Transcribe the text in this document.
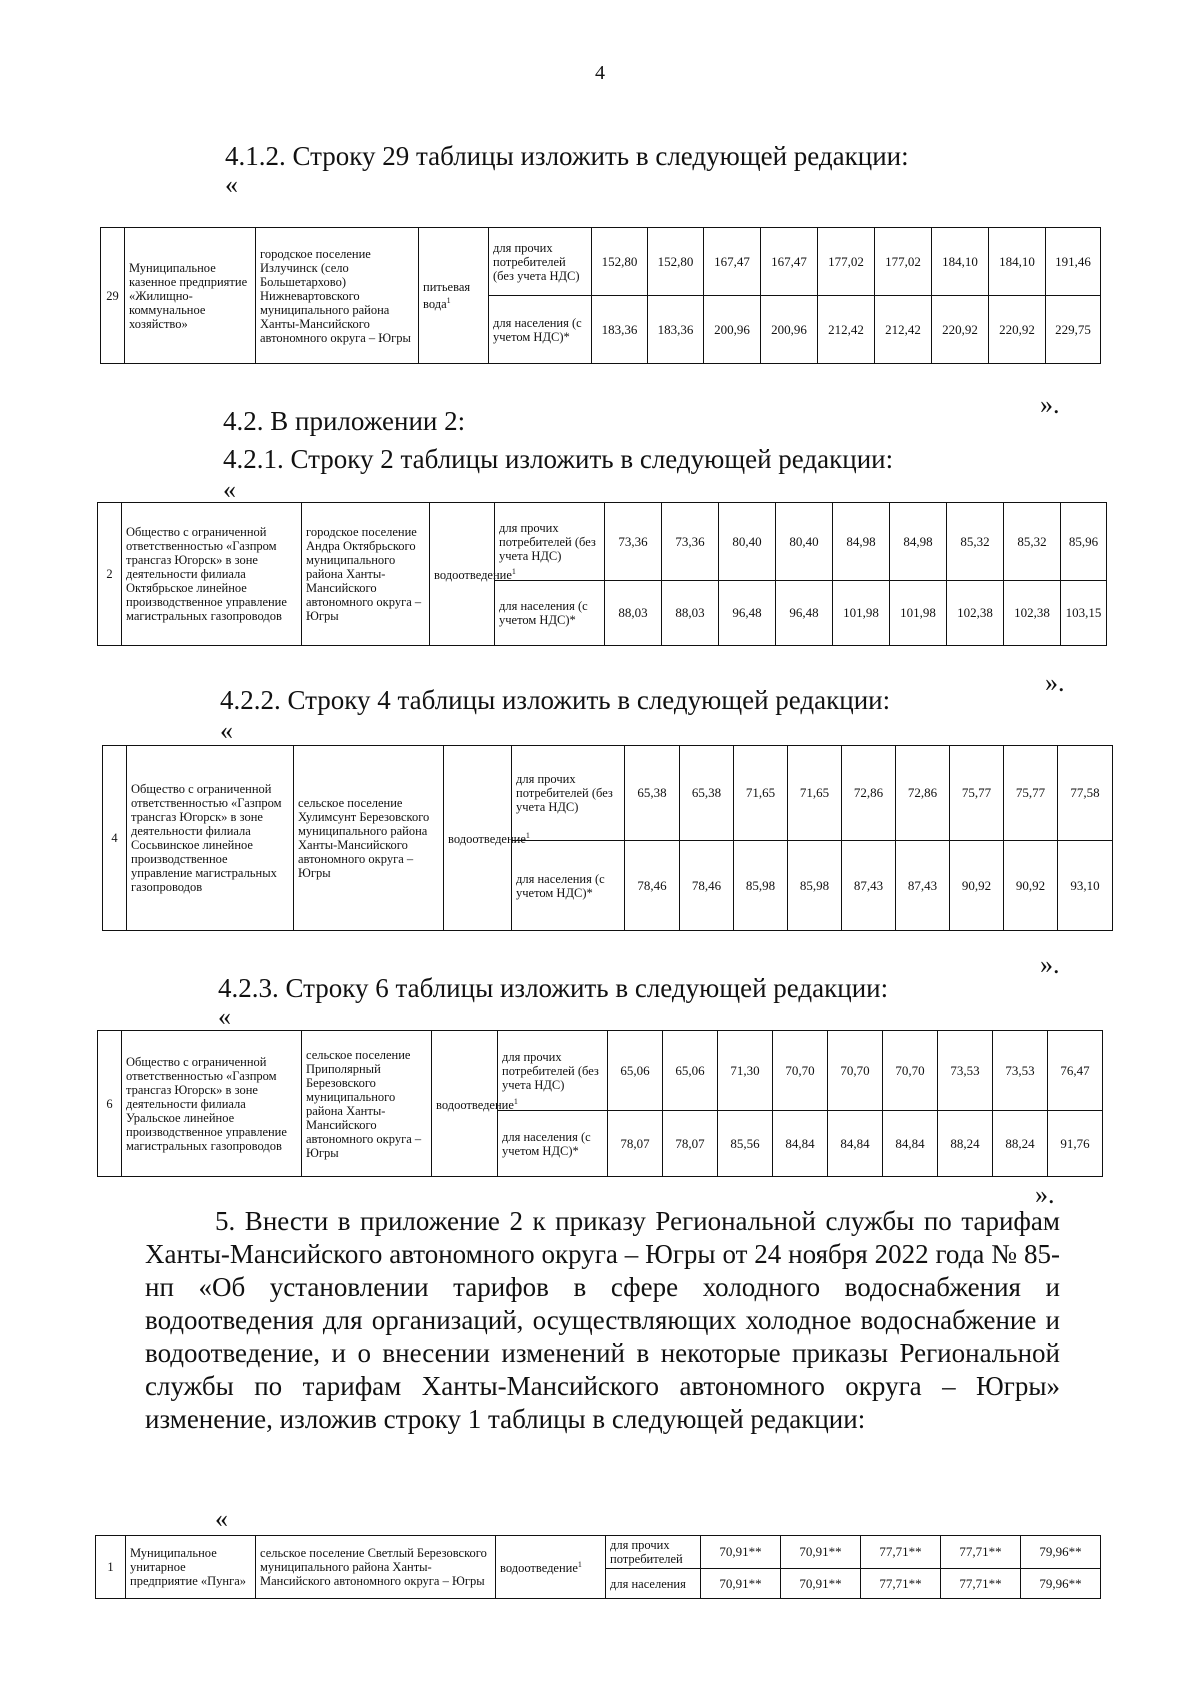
4
4.1.2. Строку 29 таблицы изложить в следующей редакции:
«
29	Муниципальное казенное предприятие «Жилищно-коммунальное хозяйство»	городское поселение Излучинск (село Большетархово) Нижневартовского муниципального района Ханты-Мансийского автономного округа – Югры	питьевая вода$^1$	для прочих потребителей (без учета НДС)	152,80	152,80	167,47	167,47	177,02	177,02	184,10	184,10	191,46
				для населения (с учетом НДС)*	183,36	183,36	200,96	200,96	212,42	212,42	220,92	220,92	229,75
».
4.2. В приложении 2:
4.2.1. Строку 2 таблицы изложить в следующей редакции:
«
2	Общество с ограниченной ответственностью «Газпром трансгаз Югорск» в зоне деятельности филиала Октябрьское линейное производственное управление магистральных газопроводов	городское поселение Андра Октябрьского муниципального района Ханты-Мансийского автономного округа – Югры	водоотведение$^1$	для прочих потребителей (без учета НДС)	73,36	73,36	80,40	80,40	84,98	84,98	85,32	85,32	85,96
				для населения (с учетом НДС)*	88,03	88,03	96,48	96,48	101,98	101,98	102,38	102,38	103,15
».
4.2.2. Строку 4 таблицы изложить в следующей редакции:
«
4	Общество с ограниченной ответственностью «Газпром трансгаз Югорск» в зоне деятельности филиала Сосьвинское линейное производственное управление магистральных газопроводов	сельское поселение Хулимсунт Березовского муниципального района Ханты-Мансийского автономного округа – Югры	водоотведение$^1$	для прочих потребителей (без учета НДС)	65,38	65,38	71,65	71,65	72,86	72,86	75,77	75,77	77,58
				для населения (с учетом НДС)*	78,46	78,46	85,98	85,98	87,43	87,43	90,92	90,92	93,10
».
4.2.3. Строку 6 таблицы изложить в следующей редакции:
«
6	Общество с ограниченной ответственностью «Газпром трансгаз Югорск» в зоне деятельности филиала Уральское линейное производственное управление магистральных газопроводов	сельское поселение Приполярный Березовского муниципального района Ханты-Мансийского автономного округа – Югры	водоотведение$^1$	для прочих потребителей (без учета НДС)	65,06	65,06	71,30	70,70	70,70	70,70	73,53	73,53	76,47
				для населения (с учетом НДС)*	78,07	78,07	85,56	84,84	84,84	84,84	88,24	88,24	91,76
».
5. Внести в приложение 2 к приказу Региональной службы по тарифам Ханты-Мансийского автономного округа – Югры от 24 ноября 2022 года № 85-нп «Об установлении тарифов в сфере холодного водоснабжения и водоотведения для организаций, осуществляющих холодное водоснабжение и водоотведение, и о внесении изменений в некоторые приказы Региональной службы по тарифам Ханты-Мансийского автономного округа – Югры» изменение, изложив строку 1 таблицы в следующей редакции:
«
1	Муниципальное унитарное предприятие «Пунга»	сельское поселение Светлый Березовского муниципального района Ханты-Мансийского автономного округа – Югры	водоотведение$^1$	для прочих потребителей	70,91**	70,91**	77,71**	77,71**	79,96**
				для населения	70,91**	70,91**	77,71**	77,71**	79,96**
